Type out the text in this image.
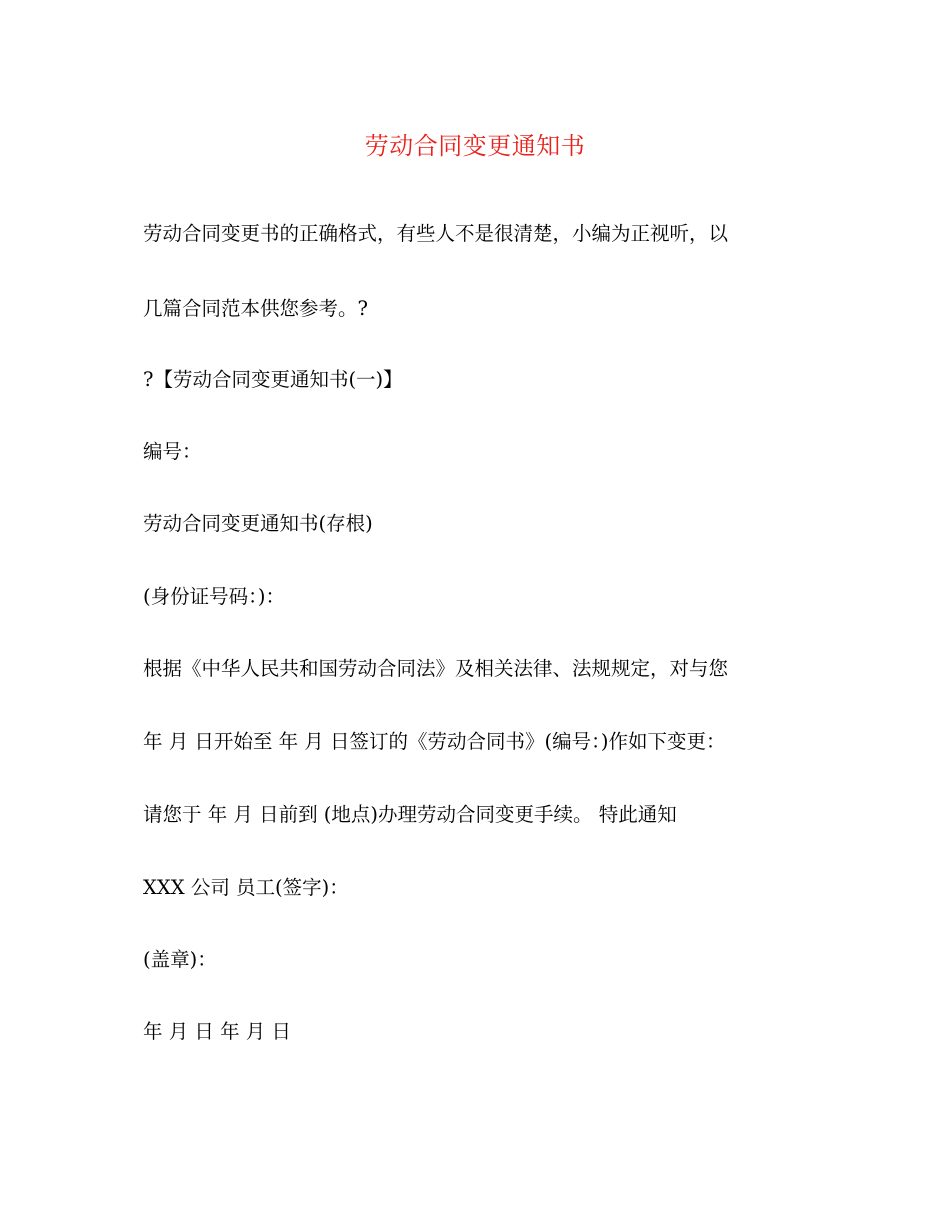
劳动合同变更通知书
劳动合同变更书的正确格式，有些人不是很清楚，小编为正视听，以
几篇合同范本供您参考。?
?【劳动合同变更通知书(一)】
编号：
劳动合同变更通知书(存根)
(身份证号码：)：
根据《中华人民共和国劳动合同法》及相关法律、法规规定，对与您
年 月 日开始至 年 月 日签订的《劳动合同书》(编号：)作如下变更：
请您于 年 月 日前到 (地点)办理劳动合同变更手续。 特此通知
XXX 公司 员工(签字)：
(盖章)：
年 月 日 年 月 日
